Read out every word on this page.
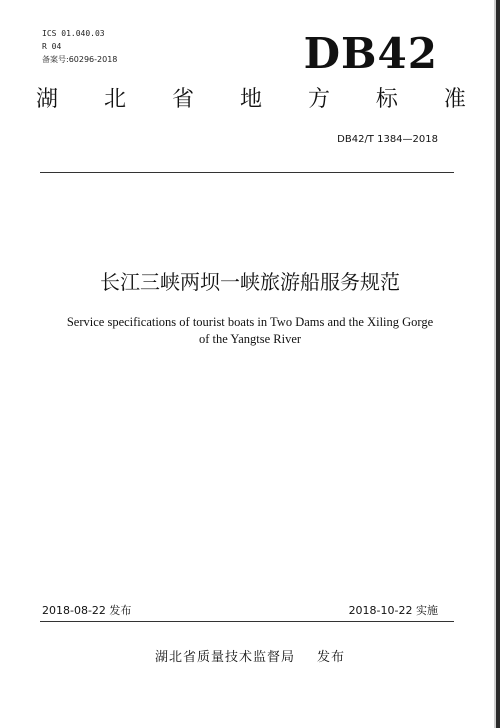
ICS 01.040.03
R 04
备案号:60296-2018	DB42
湖 北 省 地 方 标 准
DB42/T 1384—2018
长江三峡两坝一峡旅游船服务规范
Service specifications of tourist boats in Two Dams and the Xiling Gorge
of the Yangtse River
2018-08-22 发布	2018-10-22 实施
湖北省质量技术监督局 发布
